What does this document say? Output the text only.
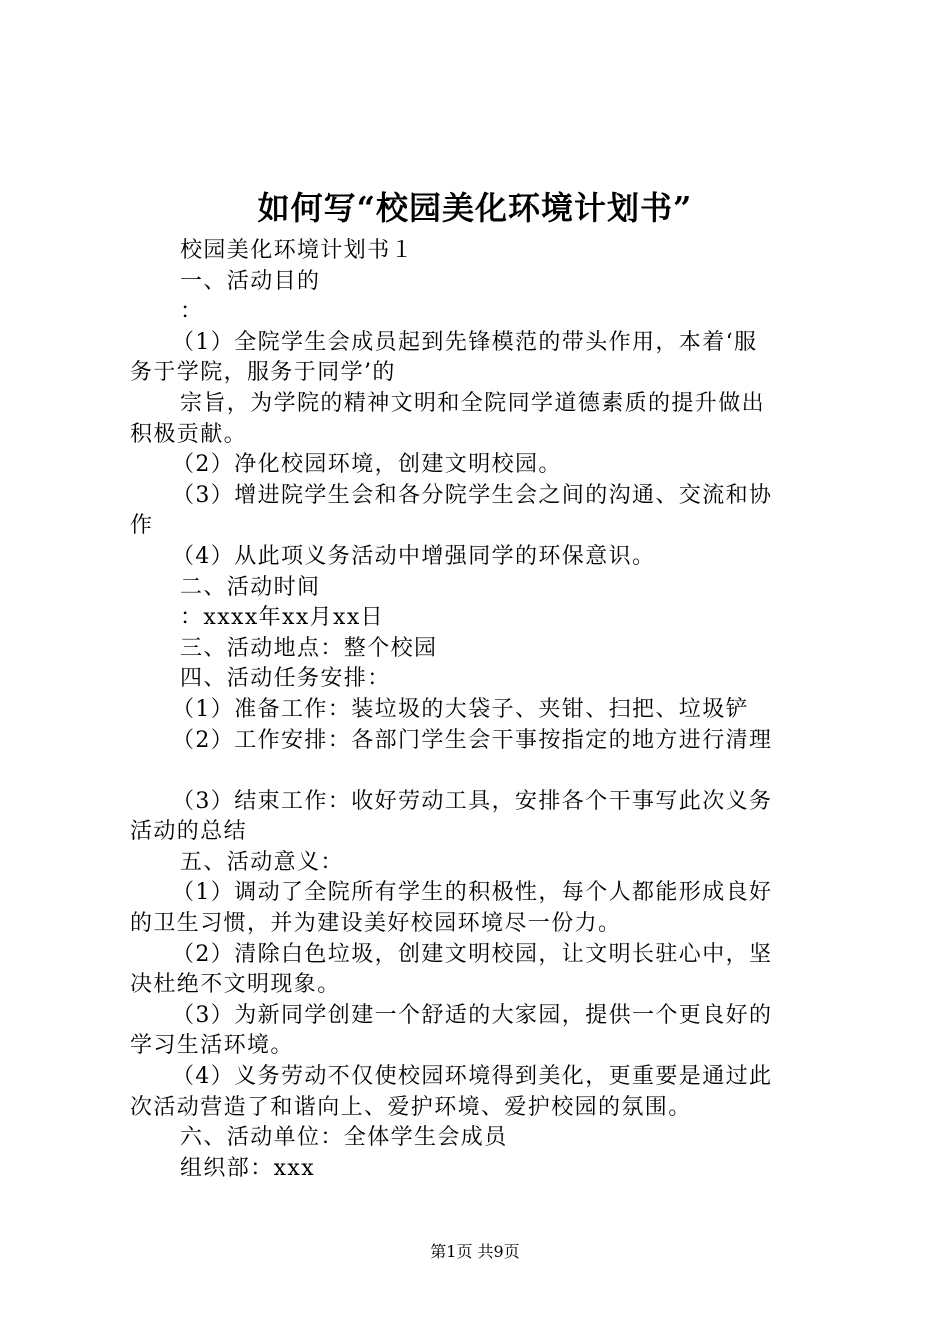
如何写“校园美化环境计划书”
校园美化环境计划书１
一、活动目的
：
（1）全院学生会成员起到先锋模范的带头作用，本着‘服
务于学院，服务于同学’的
宗旨，为学院的精神文明和全院同学道德素质的提升做出
积极贡献。
（2）净化校园环境，创建文明校园。
（3）增进院学生会和各分院学生会之间的沟通、交流和协
作
（4）从此项义务活动中增强同学的环保意识。
二、活动时间
：xxxx年xx月xx日
三、活动地点：整个校园
四、活动任务安排：
（1）准备工作：装垃圾的大袋子、夹钳、扫把、垃圾铲
（2）工作安排：各部门学生会干事按指定的地方进行清理
（3）结束工作：收好劳动工具，安排各个干事写此次义务
活动的总结
五、活动意义：
（1）调动了全院所有学生的积极性，每个人都能形成良好
的卫生习惯，并为建设美好校园环境尽一份力。
（2）清除白色垃圾，创建文明校园，让文明长驻心中，坚
决杜绝不文明现象。
（3）为新同学创建一个舒适的大家园，提供一个更良好的
学习生活环境。
（4）义务劳动不仅使校园环境得到美化，更重要是通过此
次活动营造了和谐向上、爱护环境、爱护校园的氛围。
六、活动单位：全体学生会成员
组织部：xxx
第1页 共9页
